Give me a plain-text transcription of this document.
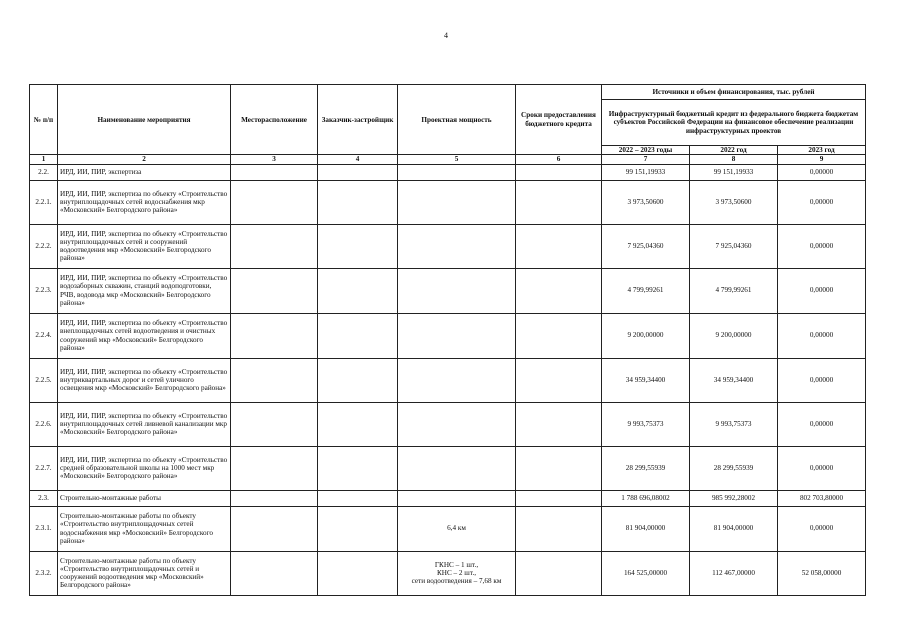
4
№ п/п	Наименование мероприятия	Месторасположение	Заказчик-застройщик	Проектная мощность	Сроки предоставления бюджетного кредита	Источники и объем финансирования, тыс. рублей		
						Инфраструктурный бюджетный кредит из федерального бюджета бюджетам субъектов Российской Федерации на финансовое обеспечение реализации инфраструктурных проектов		
						2022 – 2023 годы	2022 год	2023 год
1	2	3	4	5	6	7	8	9
2.2.	ИРД, ИИ, ПИР, экспертиза					99 151,19933	99 151,19933	0,00000
2.2.1.	ИРД, ИИ, ПИР, экспертиза по объекту «Строительство внутриплощадочных сетей водоснабжения мкр «Московский» Белгородского района»					3 973,50600	3 973,50600	0,00000
2.2.2.	ИРД, ИИ, ПИР, экспертиза по объекту «Строительство внутриплощадочных сетей и сооружений водоотведения мкр «Московский» Белгородского района»					7 925,04360	7 925,04360	0,00000
2.2.3.	ИРД, ИИ, ПИР, экспертиза по объекту «Строительство водозаборных скважин, станций водоподготовки, РЧВ, водовода мкр «Московский» Белгородского района»					4 799,99261	4 799,99261	0,00000
2.2.4.	ИРД, ИИ, ПИР, экспертиза по объекту «Строительство внеплощадочных сетей водоотведения и очистных сооружений мкр «Московский» Белгородского района»					9 200,00000	9 200,00000	0,00000
2.2.5.	ИРД, ИИ, ПИР, экспертиза по объекту «Строительство внутриквартальных дорог и сетей уличного освещения мкр «Московский» Белгородского района»					34 959,34400	34 959,34400	0,00000
2.2.6.	ИРД, ИИ, ПИР, экспертиза по объекту «Строительство внутриплощадочных сетей ливневой канализации мкр «Московский» Белгородского района»					9 993,75373	9 993,75373	0,00000
2.2.7.	ИРД, ИИ, ПИР, экспертиза по объекту «Строительство средней образовательной школы на 1000 мест мкр «Московский» Белгородского района»					28 299,55939	28 299,55939	0,00000
2.3.	Строительно-монтажные работы					1 788 696,08002	985 992,28002	802 703,80000
2.3.1.	Строительно-монтажные работы по объекту «Строительство внутриплощадочных сетей водоснабжения мкр «Московский» Белгородского района»			6,4 км		81 904,00000	81 904,00000	0,00000
2.3.2.	Строительно-монтажные работы по объекту «Строительство внутриплощадочных сетей и сооружений водоотведения мкр «Московский» Белгородского района»			ГКНС – 1 шт.,
КНС – 2 шт.,
сети водоотведения – 7,68 км		164 525,00000	112 467,00000	52 058,00000
